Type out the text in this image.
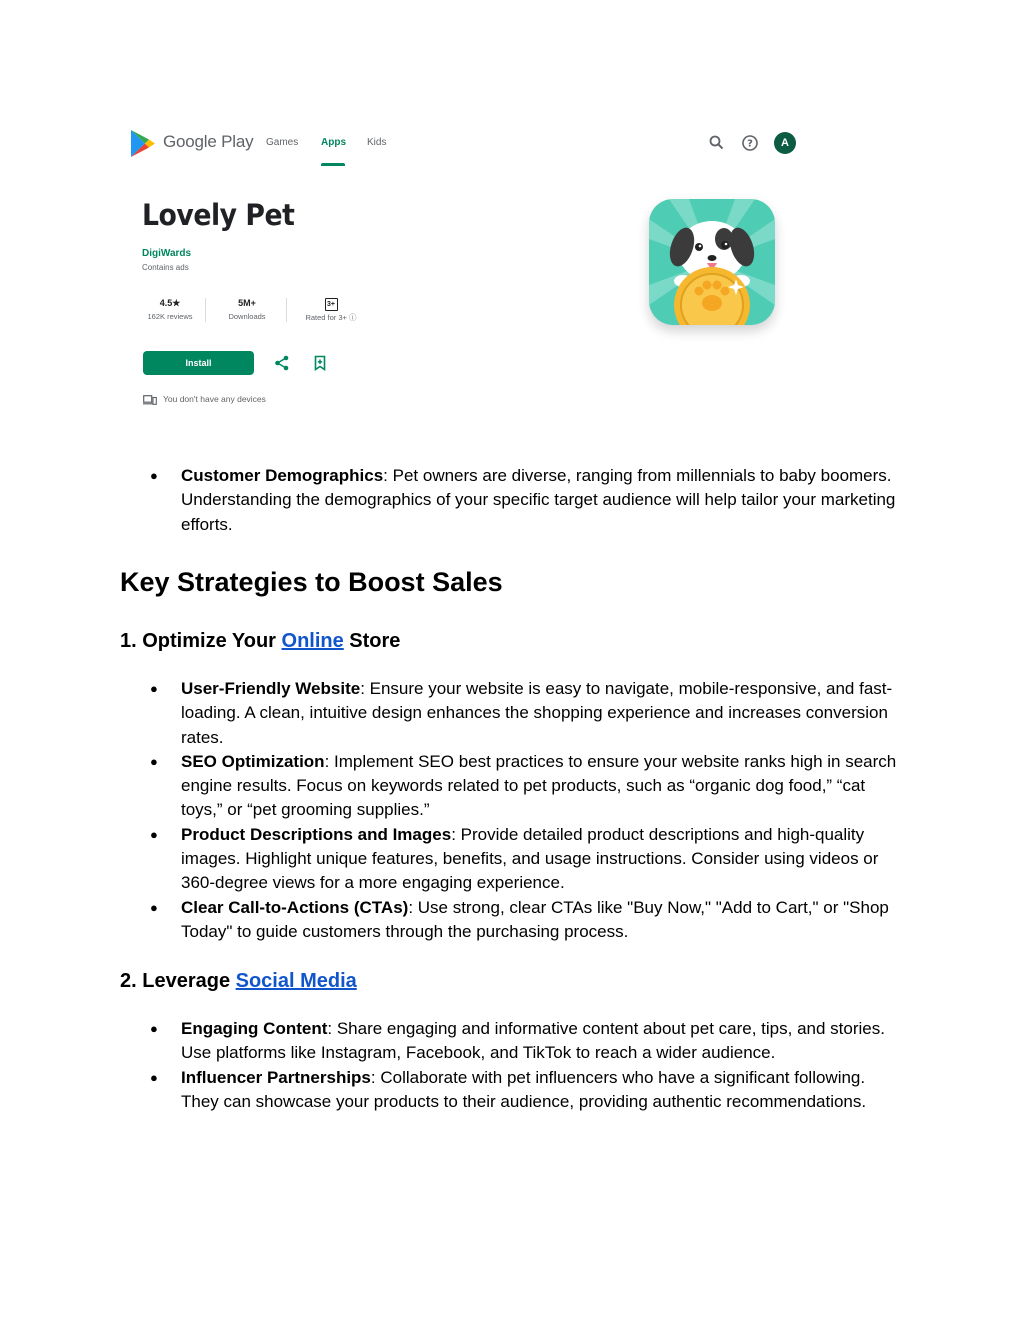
Google Play Games Apps Kids	?	A
Lovely Pet
DigiWards
Contains ads
4.5★
162K reviews
5M+
Downloads
3+
Rated for 3+ ⓘ
Install
You don't have any devices
● Customer Demographics: Pet owners are diverse, ranging from millennials to baby boomers. Understanding the demographics of your specific target audience will help tailor your marketing efforts.
Key Strategies to Boost Sales
1. Optimize Your Online Store
● User-Friendly Website: Ensure your website is easy to navigate, mobile-responsive, and fast-loading. A clean, intuitive design enhances the shopping experience and increases conversion rates.
● SEO Optimization: Implement SEO best practices to ensure your website ranks high in search engine results. Focus on keywords related to pet products, such as “organic dog food,” “cat toys,” or “pet grooming supplies.”
● Product Descriptions and Images: Provide detailed product descriptions and high-quality images. Highlight unique features, benefits, and usage instructions. Consider using videos or 360-degree views for a more engaging experience.
● Clear Call-to-Actions (CTAs): Use strong, clear CTAs like "Buy Now," "Add to Cart," or "Shop Today" to guide customers through the purchasing process.
2. Leverage Social Media
● Engaging Content: Share engaging and informative content about pet care, tips, and stories. Use platforms like Instagram, Facebook, and TikTok to reach a wider audience.
● Influencer Partnerships: Collaborate with pet influencers who have a significant following. They can showcase your products to their audience, providing authentic recommendations.
